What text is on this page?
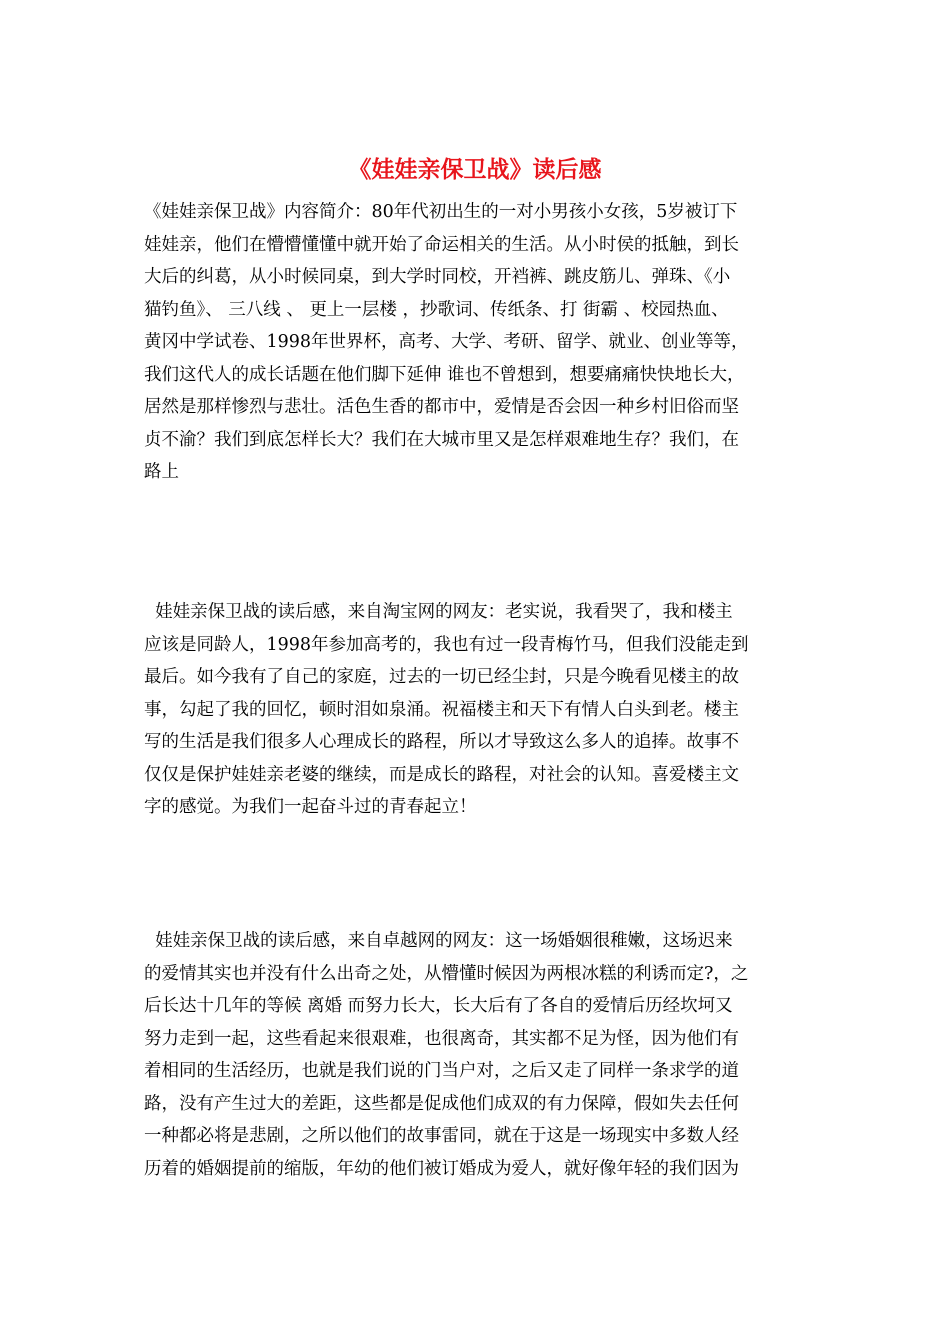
《娃娃亲保卫战》读后感
《娃娃亲保卫战》内容简介：80年代初出生的一对小男孩小女孩，5岁被订下
娃娃亲，他们在懵懵懂懂中就开始了命运相关的生活。从小时侯的抵触，到长
大后的纠葛，从小时候同桌，到大学时同校，开裆裤、跳皮筋儿、弹珠、《小
猫钓鱼》、 三八线 、 更上一层楼 ，抄歌词、传纸条、打 街霸 、校园热血、
黄冈中学试卷、1998年世界杯，高考、大学、考研、留学、就业、创业等等，
我们这代人的成长话题在他们脚下延伸 谁也不曾想到，想要痛痛快快地长大，
居然是那样惨烈与悲壮。活色生香的都市中，爱情是否会因一种乡村旧俗而坚
贞不渝？我们到底怎样长大？我们在大城市里又是怎样艰难地生存？我们，在
路上
娃娃亲保卫战的读后感，来自淘宝网的网友：老实说，我看哭了，我和楼主
应该是同龄人，1998年参加高考的，我也有过一段青梅竹马，但我们没能走到
最后。如今我有了自己的家庭，过去的一切已经尘封，只是今晚看见楼主的故
事，勾起了我的回忆，顿时泪如泉涌。祝福楼主和天下有情人白头到老。楼主
写的生活是我们很多人心理成长的路程，所以才导致这么多人的追捧。故事不
仅仅是保护娃娃亲老婆的继续，而是成长的路程，对社会的认知。喜爱楼主文
字的感觉。为我们一起奋斗过的青春起立！
娃娃亲保卫战的读后感，来自卓越网的网友：这一场婚姻很稚嫩，这场迟来
的爱情其实也并没有什么出奇之处，从懵懂时候因为两根冰糕的利诱而定?，之
后长达十几年的等候 离婚 而努力长大，长大后有了各自的爱情后历经坎坷又
努力走到一起，这些看起来很艰难，也很离奇，其实都不足为怪，因为他们有
着相同的生活经历，也就是我们说的门当户对，之后又走了同样一条求学的道
路，没有产生过大的差距，这些都是促成他们成双的有力保障，假如失去任何
一种都必将是悲剧，之所以他们的故事雷同，就在于这是一场现实中多数人经
历着的婚姻提前的缩版，年幼的他们被订婚成为爱人，就好像年轻的我们因为
